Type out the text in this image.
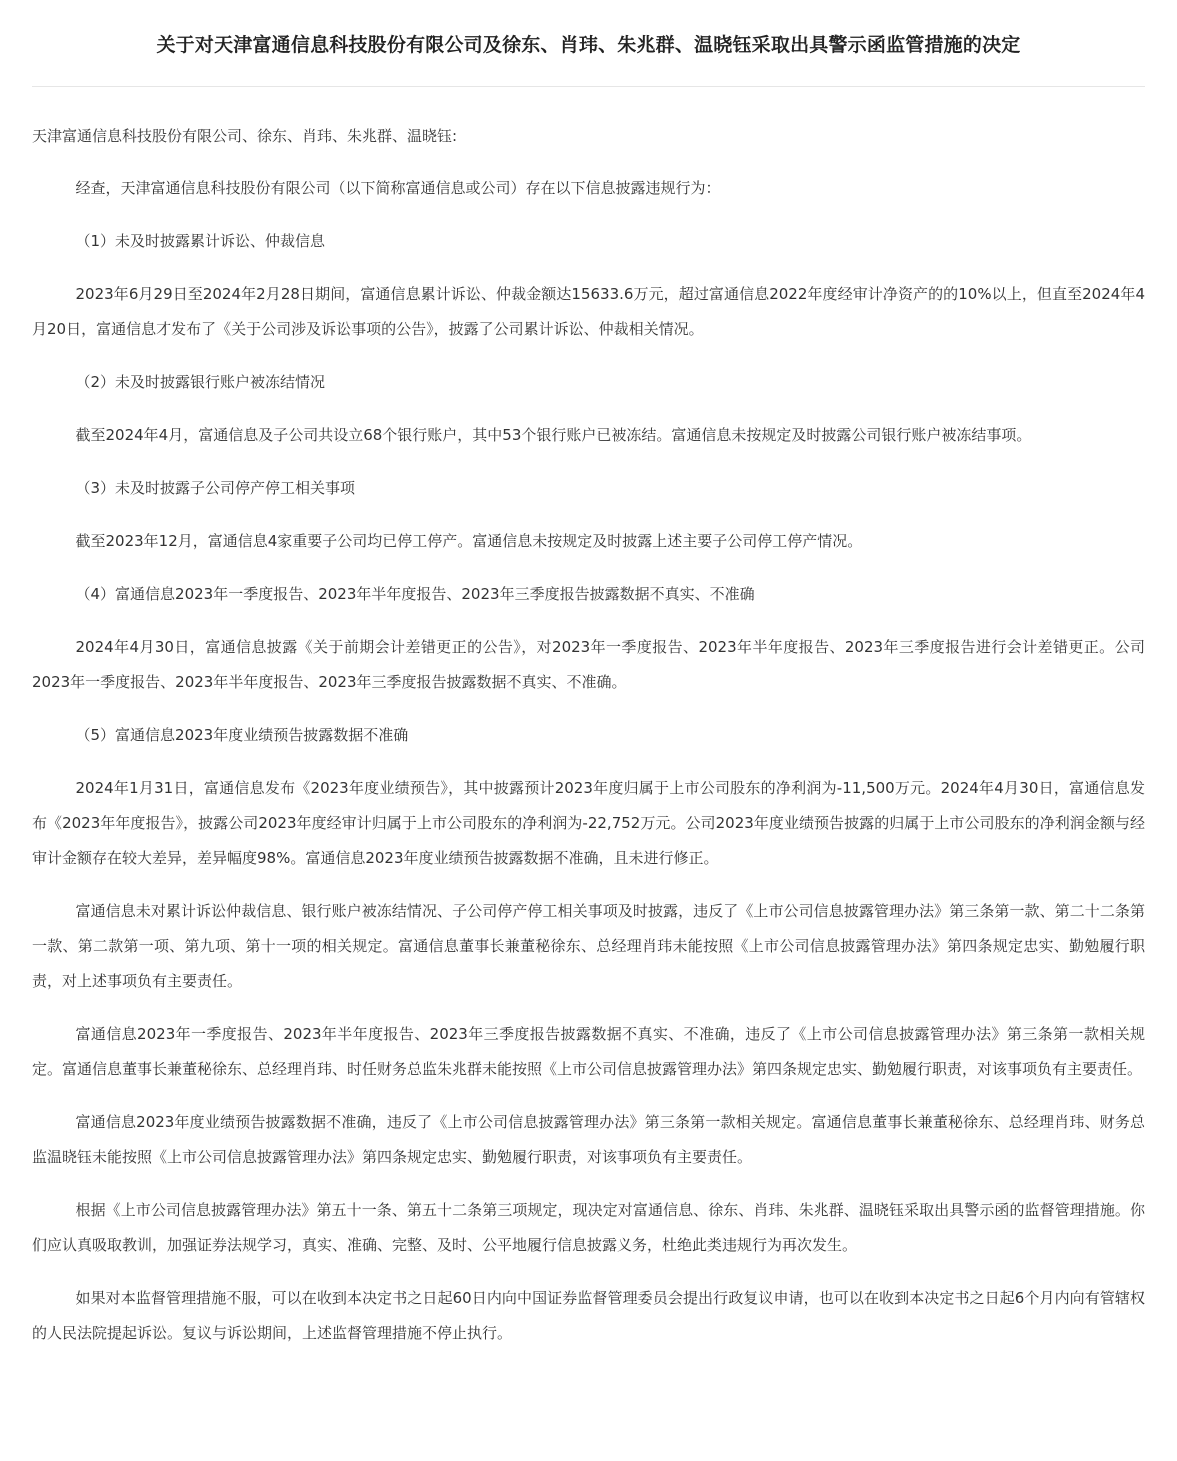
关于对天津富通信息科技股份有限公司及徐东、肖玮、朱兆群、温晓钰采取出具警示函监管措施的决定

天津富通信息科技股份有限公司、徐东、肖玮、朱兆群、温晓钰:

经查，天津富通信息科技股份有限公司（以下简称富通信息或公司）存在以下信息披露违规行为：

（1）未及时披露累计诉讼、仲裁信息

2023年6月29日至2024年2月28日期间，富通信息累计诉讼、仲裁金额达15633.6万元，超过富通信息2022年度经审计净资产的的10%以上，但直至2024年4月20日，富通信息才发布了《关于公司涉及诉讼事项的公告》，披露了公司累计诉讼、仲裁相关情况。

（2）未及时披露银行账户被冻结情况

截至2024年4月，富通信息及子公司共设立68个银行账户，其中53个银行账户已被冻结。富通信息未按规定及时披露公司银行账户被冻结事项。

（3）未及时披露子公司停产停工相关事项

截至2023年12月，富通信息4家重要子公司均已停工停产。富通信息未按规定及时披露上述主要子公司停工停产情况。

（4）富通信息2023年一季度报告、2023年半年度报告、2023年三季度报告披露数据不真实、不准确

2024年4月30日，富通信息披露《关于前期会计差错更正的公告》，对2023年一季度报告、2023年半年度报告、2023年三季度报告进行会计差错更正。公司2023年一季度报告、2023年半年度报告、2023年三季度报告披露数据不真实、不准确。

（5）富通信息2023年度业绩预告披露数据不准确

2024年1月31日，富通信息发布《2023年度业绩预告》，其中披露预计2023年度归属于上市公司股东的净利润为-11,500万元。2024年4月30日，富通信息发布《2023年年度报告》，披露公司2023年度经审计归属于上市公司股东的净利润为-22,752万元。公司2023年度业绩预告披露的归属于上市公司股东的净利润金额与经审计金额存在较大差异，差异幅度98%。富通信息2023年度业绩预告披露数据不准确，且未进行修正。

富通信息未对累计诉讼仲裁信息、银行账户被冻结情况、子公司停产停工相关事项及时披露，违反了《上市公司信息披露管理办法》第三条第一款、第二十二条第一款、第二款第一项、第九项、第十一项的相关规定。富通信息董事长兼董秘徐东、总经理肖玮未能按照《上市公司信息披露管理办法》第四条规定忠实、勤勉履行职责，对上述事项负有主要责任。

富通信息2023年一季度报告、2023年半年度报告、2023年三季度报告披露数据不真实、不准确，违反了《上市公司信息披露管理办法》第三条第一款相关规定。富通信息董事长兼董秘徐东、总经理肖玮、时任财务总监朱兆群未能按照《上市公司信息披露管理办法》第四条规定忠实、勤勉履行职责，对该事项负有主要责任。

富通信息2023年度业绩预告披露数据不准确，违反了《上市公司信息披露管理办法》第三条第一款相关规定。富通信息董事长兼董秘徐东、总经理肖玮、财务总监温晓钰未能按照《上市公司信息披露管理办法》第四条规定忠实、勤勉履行职责，对该事项负有主要责任。

根据《上市公司信息披露管理办法》第五十一条、第五十二条第三项规定，现决定对富通信息、徐东、肖玮、朱兆群、温晓钰采取出具警示函的监督管理措施。你们应认真吸取教训，加强证券法规学习，真实、准确、完整、及时、公平地履行信息披露义务，杜绝此类违规行为再次发生。

如果对本监督管理措施不服，可以在收到本决定书之日起60日内向中国证券监督管理委员会提出行政复议申请，也可以在收到本决定书之日起6个月内向有管辖权的人民法院提起诉讼。复议与诉讼期间，上述监督管理措施不停止执行。
